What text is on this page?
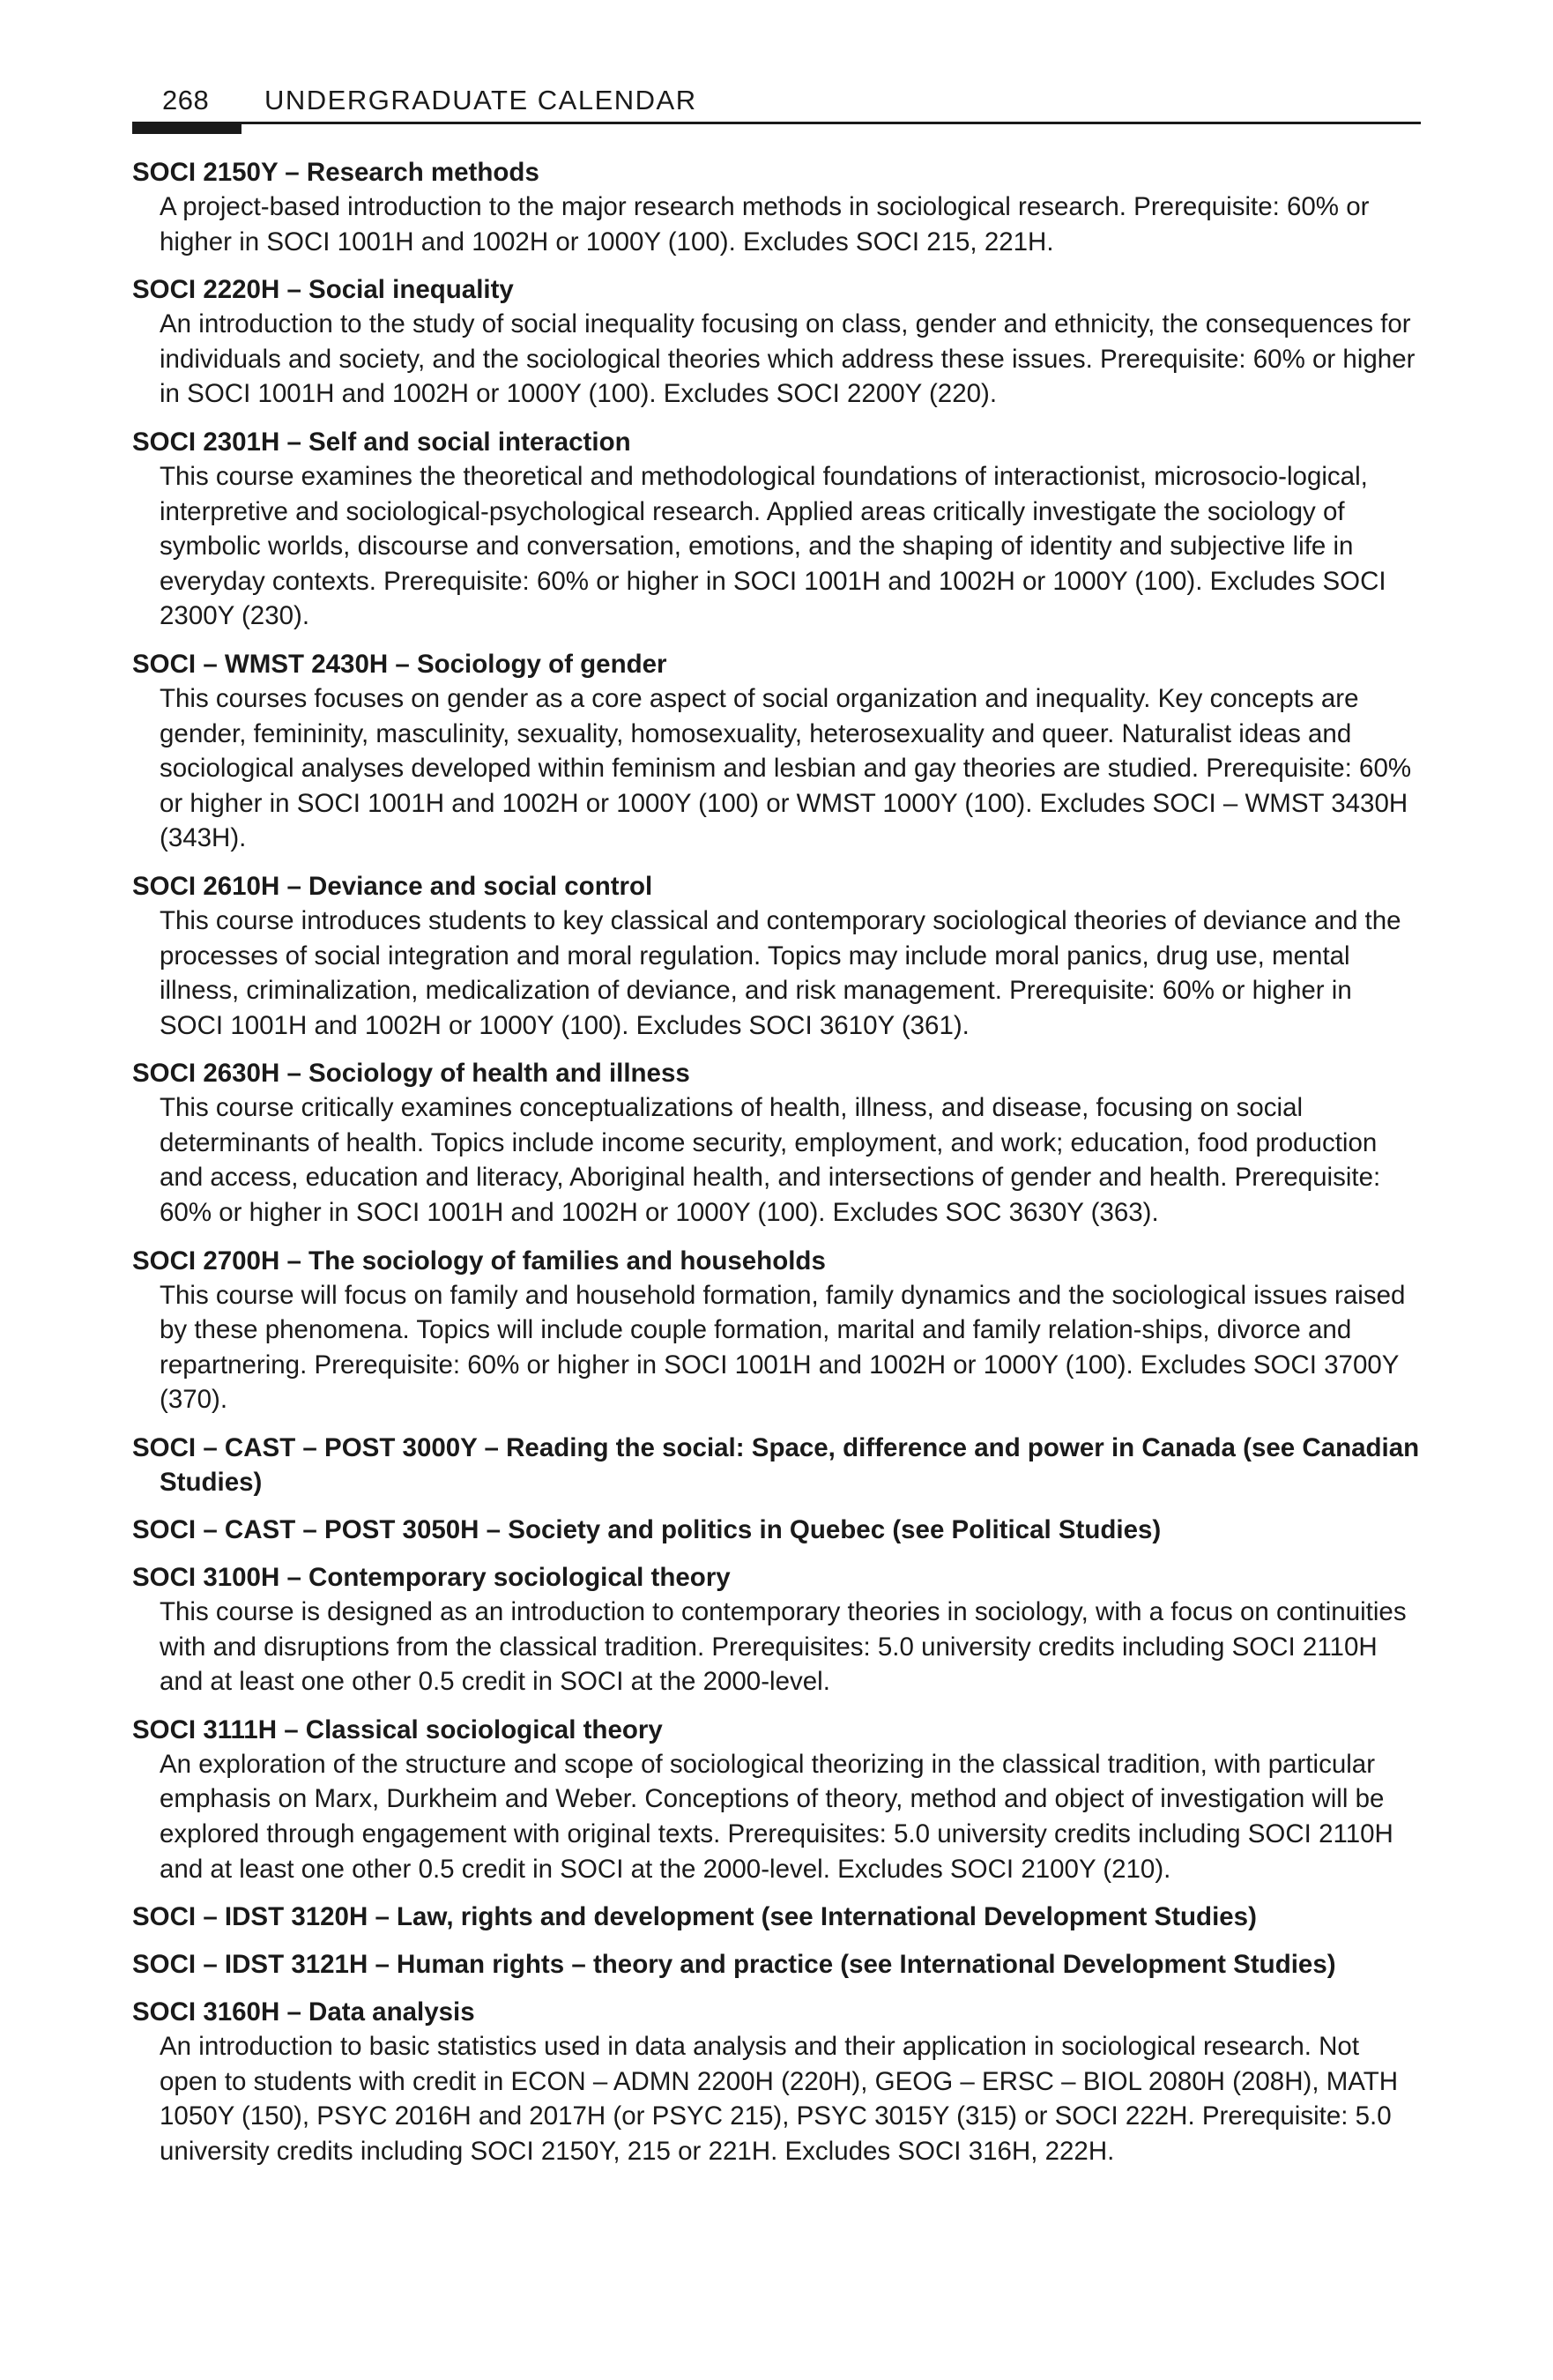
268 UNDERGRADUATE CALENDAR

SOCI 2150Y – Research methods

A project-based introduction to the major research methods in sociological research. Prerequisite: 60% or higher in SOCI 1001H and 1002H or 1000Y (100). Excludes SOCI 215, 221H.

SOCI 2220H – Social inequality

An introduction to the study of social inequality focusing on class, gender and ethnicity, the consequences for individuals and society, and the sociological theories which address these issues. Prerequisite: 60% or higher in SOCI 1001H and 1002H or 1000Y (100). Excludes SOCI 2200Y (220).

SOCI 2301H – Self and social interaction

This course examines the theoretical and methodological foundations of interactionist, microsocio-logical, interpretive and sociological-psychological research. Applied areas critically investigate the sociology of symbolic worlds, discourse and conversation, emotions, and the shaping of identity and subjective life in everyday contexts. Prerequisite: 60% or higher in SOCI 1001H and 1002H or 1000Y (100). Excludes SOCI 2300Y (230).

SOCI – WMST 2430H – Sociology of gender

This courses focuses on gender as a core aspect of social organization and inequality. Key concepts are gender, femininity, masculinity, sexuality, homosexuality, heterosexuality and queer. Naturalist ideas and sociological analyses developed within feminism and lesbian and gay theories are studied. Prerequisite: 60% or higher in SOCI 1001H and 1002H or 1000Y (100) or WMST 1000Y (100). Excludes SOCI – WMST 3430H (343H).

SOCI 2610H – Deviance and social control

This course introduces students to key classical and contemporary sociological theories of deviance and the processes of social integration and moral regulation. Topics may include moral panics, drug use, mental illness, criminalization, medicalization of deviance, and risk management. Prerequisite: 60% or higher in SOCI 1001H and 1002H or 1000Y (100). Excludes SOCI 3610Y (361).

SOCI 2630H – Sociology of health and illness

This course critically examines conceptualizations of health, illness, and disease, focusing on social determinants of health. Topics include income security, employment, and work; education, food production and access, education and literacy, Aboriginal health, and intersections of gender and health. Prerequisite: 60% or higher in SOCI 1001H and 1002H or 1000Y (100). Excludes SOC 3630Y (363).

SOCI 2700H – The sociology of families and households

This course will focus on family and household formation, family dynamics and the sociological issues raised by these phenomena. Topics will include couple formation, marital and family relation-ships, divorce and repartnering. Prerequisite: 60% or higher in SOCI 1001H and 1002H or 1000Y (100). Excludes SOCI 3700Y (370).

SOCI – CAST – POST 3000Y – Reading the social: Space, difference and power in Canada (see Canadian Studies)

SOCI – CAST – POST 3050H – Society and politics in Quebec (see Political Studies)

SOCI 3100H – Contemporary sociological theory

This course is designed as an introduction to contemporary theories in sociology, with a focus on continuities with and disruptions from the classical tradition. Prerequisites: 5.0 university credits including SOCI 2110H and at least one other 0.5 credit in SOCI at the 2000-level.

SOCI 3111H – Classical sociological theory

An exploration of the structure and scope of sociological theorizing in the classical tradition, with particular emphasis on Marx, Durkheim and Weber. Conceptions of theory, method and object of investigation will be explored through engagement with original texts. Prerequisites: 5.0 university credits including SOCI 2110H and at least one other 0.5 credit in SOCI at the 2000-level. Excludes SOCI 2100Y (210).

SOCI – IDST 3120H – Law, rights and development (see International Development Studies)

SOCI – IDST 3121H – Human rights – theory and practice (see International Development Studies)

SOCI 3160H – Data analysis

An introduction to basic statistics used in data analysis and their application in sociological research. Not open to students with credit in ECON – ADMN 2200H (220H), GEOG – ERSC – BIOL 2080H (208H), MATH 1050Y (150), PSYC 2016H and 2017H (or PSYC 215), PSYC 3015Y (315) or SOCI 222H. Prerequisite: 5.0 university credits including SOCI 2150Y, 215 or 221H. Excludes SOCI 316H, 222H.
